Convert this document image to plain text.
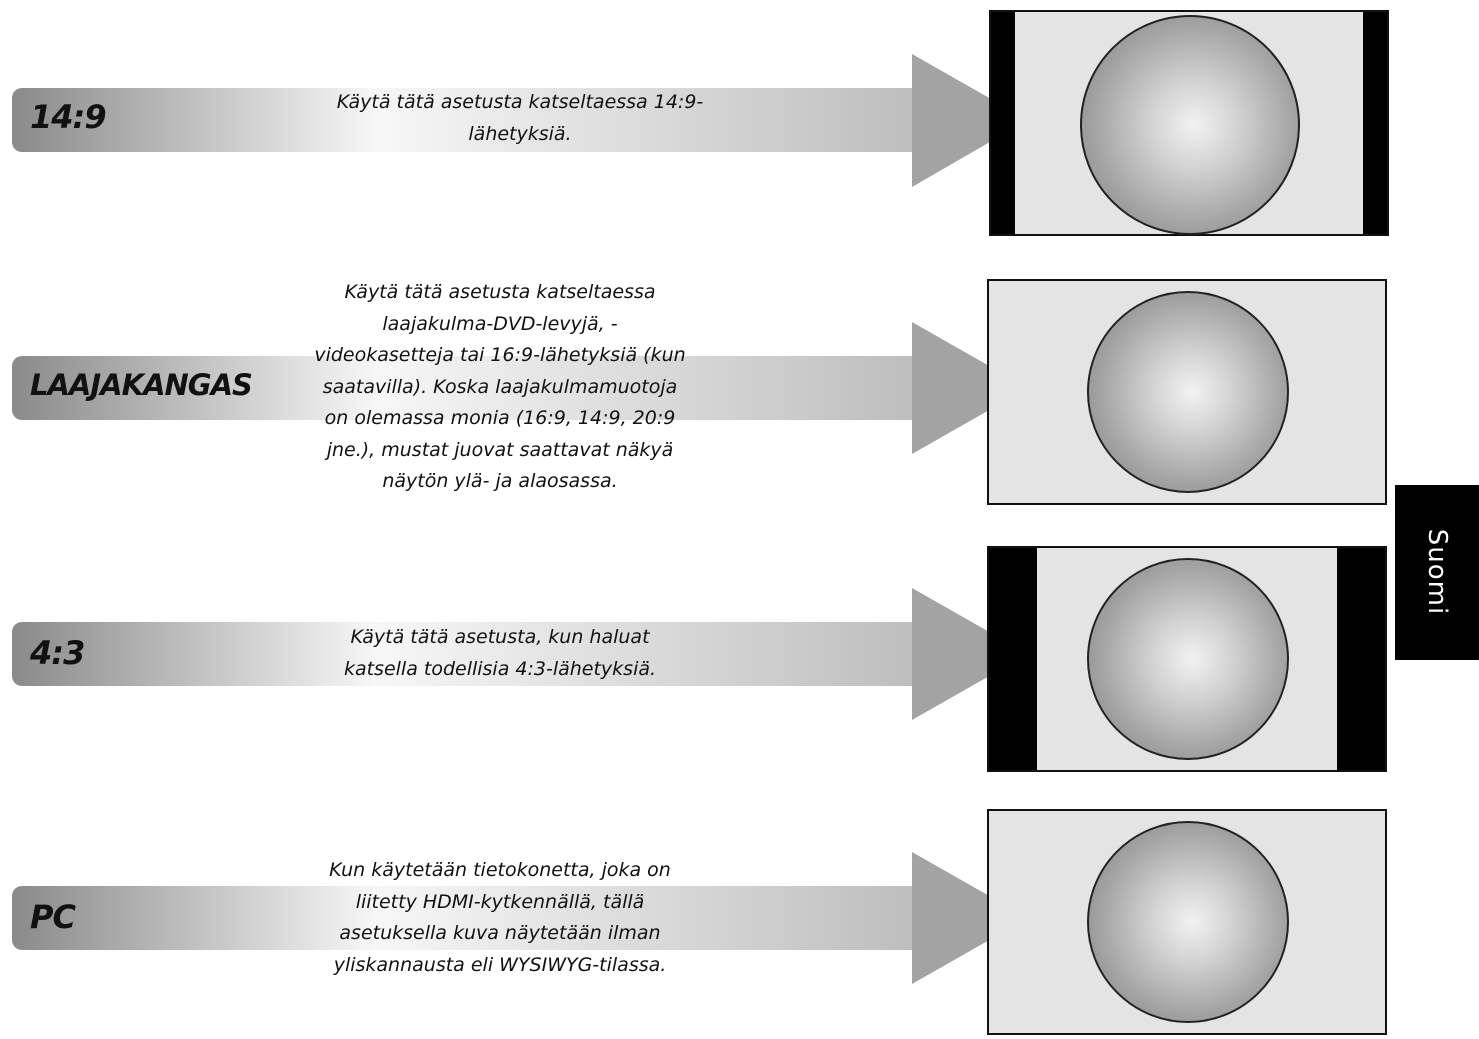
14:9	Käytä tätä asetusta katseltaessa 14:9-
lähetyksiä.
LAAJAKANGAS
Käytä tätä asetusta katseltaessa
laajakulma-DVD-levyjä, -
videokasetteja tai 16:9-lähetyksiä (kun
saatavilla). Koska laajakulmamuotoja
on olemassa monia (16:9, 14:9, 20:9
jne.), mustat juovat saattavat näkyä
näytön ylä- ja alaosassa.
4:3	Käytä tätä asetusta, kun haluat
katsella todellisia 4:3-lähetyksiä.
PC
Kun käytetään tietokonetta, joka on
liitetty HDMI-kytkennällä, tällä
asetuksella kuva näytetään ilman
yliskannausta eli WYSIWYG-tilassa.
Suomi
